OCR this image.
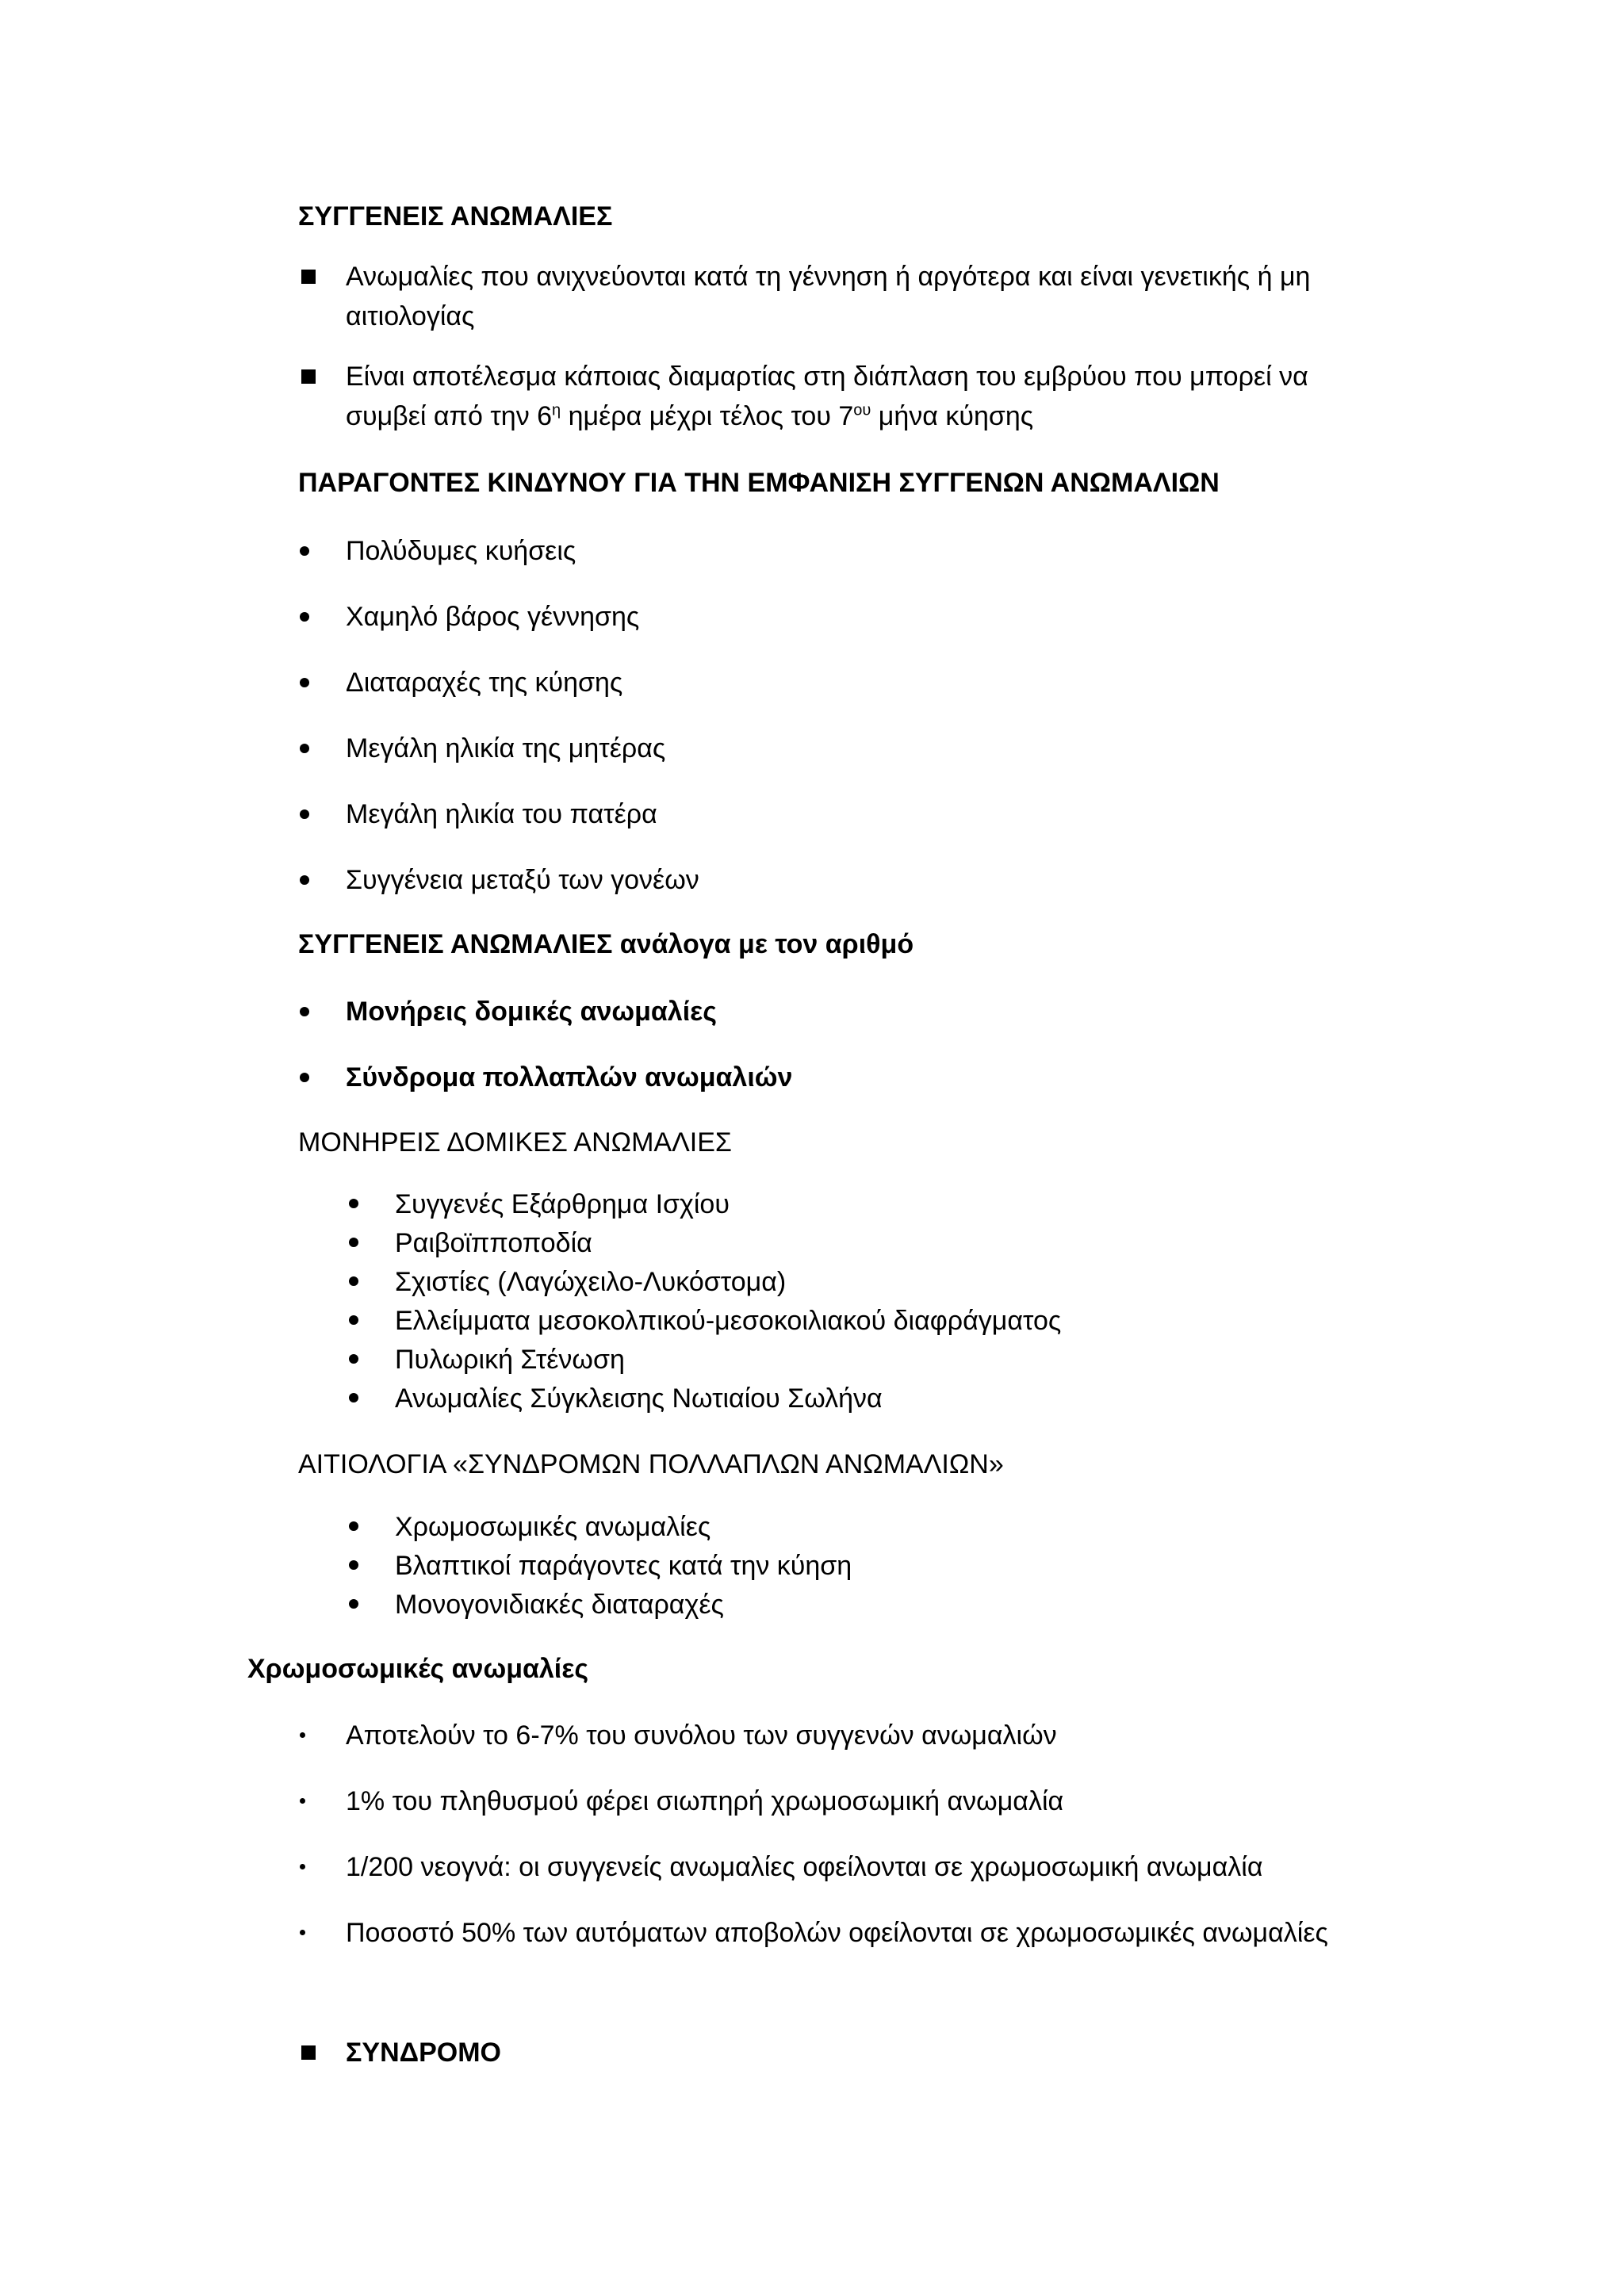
ΣΥΓΓΕΝΕΙΣ ΑΝΩΜΑΛΙΕΣ
Ανωμαλίες που ανιχνεύονται κατά τη γέννηση ή αργότερα και είναι γενετικής ή μη
αιτιολογίας
Είναι αποτέλεσμα κάποιας διαμαρτίας στη διάπλαση του εμβρύου που μπορεί να
συμβεί από την $6^\eta$ ημέρα μέχρι τέλος του $7^{o\upsilon}$ μήνα κύησης
ΠΑΡΑΓΟΝΤΕΣ ΚΙΝΔΥΝΟΥ ΓΙΑ ΤΗΝ ΕΜΦΑΝΙΣΗ ΣΥΓΓΕΝΩΝ ΑΝΩΜΑΛΙΩΝ
Πολύδυμες κυήσεις
Χαμηλό βάρος γέννησης
Διαταραχές της κύησης
Μεγάλη ηλικία της μητέρας
Μεγάλη ηλικία του πατέρα
Συγγένεια μεταξύ των γονέων
ΣΥΓΓΕΝΕΙΣ ΑΝΩΜΑΛΙΕΣ ανάλογα με τον αριθμό
Μονήρεις δομικές ανωμαλίες
Σύνδρομα πολλαπλών ανωμαλιών
ΜΟΝΗΡΕΙΣ ΔΟΜΙΚΕΣ ΑΝΩΜΑΛΙΕΣ
Συγγενές Εξάρθρημα Ισχίου
Ραιβοϊπποποδία
Σχιστίες (Λαγώχειλο-Λυκόστομα)
Ελλείμματα μεσοκολπικού-μεσοκοιλιακού διαφράγματος
Πυλωρική Στένωση
Ανωμαλίες Σύγκλεισης Νωτιαίου Σωλήνα
ΑΙΤΙΟΛΟΓΙΑ «ΣΥΝΔΡΟΜΩΝ ΠΟΛΛΑΠΛΩΝ ΑΝΩΜΑΛΙΩΝ»
Χρωμοσωμικές ανωμαλίες
Βλαπτικοί παράγοντες κατά την κύηση
Μονογονιδιακές διαταραχές
Χρωμοσωμικές ανωμαλίες
Αποτελούν το 6-7% του συνόλου των συγγενών ανωμαλιών
1% του πληθυσμού φέρει σιωπηρή χρωμοσωμική ανωμαλία
1/200 νεογνά: οι συγγενείς ανωμαλίες οφείλονται σε χρωμοσωμική ανωμαλία
Ποσοστό 50% των αυτόματων αποβολών οφείλονται σε χρωμοσωμικές ανωμαλίες
ΣΥΝΔΡΟΜΟ
